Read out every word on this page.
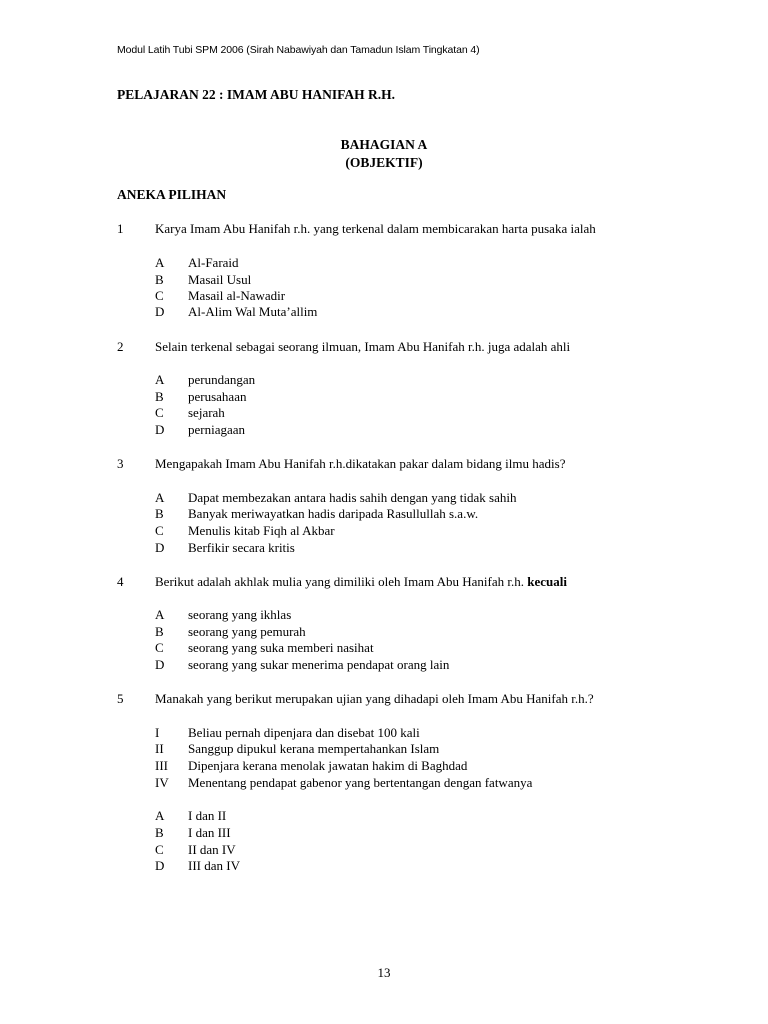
Modul Latih Tubi SPM 2006 (Sirah Nabawiyah dan Tamadun Islam Tingkatan 4)
PELAJARAN 22 : IMAM ABU HANIFAH R.H.
BAHAGIAN A
(OBJEKTIF)
ANEKA PILIHAN
1 Karya Imam Abu Hanifah r.h. yang terkenal dalam membicarakan harta pusaka ialah
A Al-Faraid
B Masail Usul
C Masail al-Nawadir
D Al-Alim Wal Muta’allim
2 Selain terkenal sebagai seorang ilmuan, Imam Abu Hanifah r.h. juga adalah ahli
A perundangan
B perusahaan
C sejarah
D perniagaan
3 Mengapakah Imam Abu Hanifah r.h.dikatakan pakar dalam bidang ilmu hadis?
A Dapat membezakan antara hadis sahih dengan yang tidak sahih
B Banyak meriwayatkan hadis daripada Rasullullah s.a.w.
C Menulis kitab Fiqh al Akbar
D Berfikir secara kritis
4 Berikut adalah akhlak mulia yang dimiliki oleh Imam Abu Hanifah r.h. kecuali
A seorang yang ikhlas
B seorang yang pemurah
C seorang yang suka memberi nasihat
D seorang yang sukar menerima pendapat orang lain
5 Manakah yang berikut merupakan ujian yang dihadapi oleh Imam Abu Hanifah r.h.?
I Beliau pernah dipenjara dan disebat 100 kali
II Sanggup dipukul kerana mempertahankan Islam
III Dipenjara kerana menolak jawatan hakim di Baghdad
IV Menentang pendapat gabenor yang bertentangan dengan fatwanya
A I dan II
B I dan III
C II dan IV
D III dan IV
13
